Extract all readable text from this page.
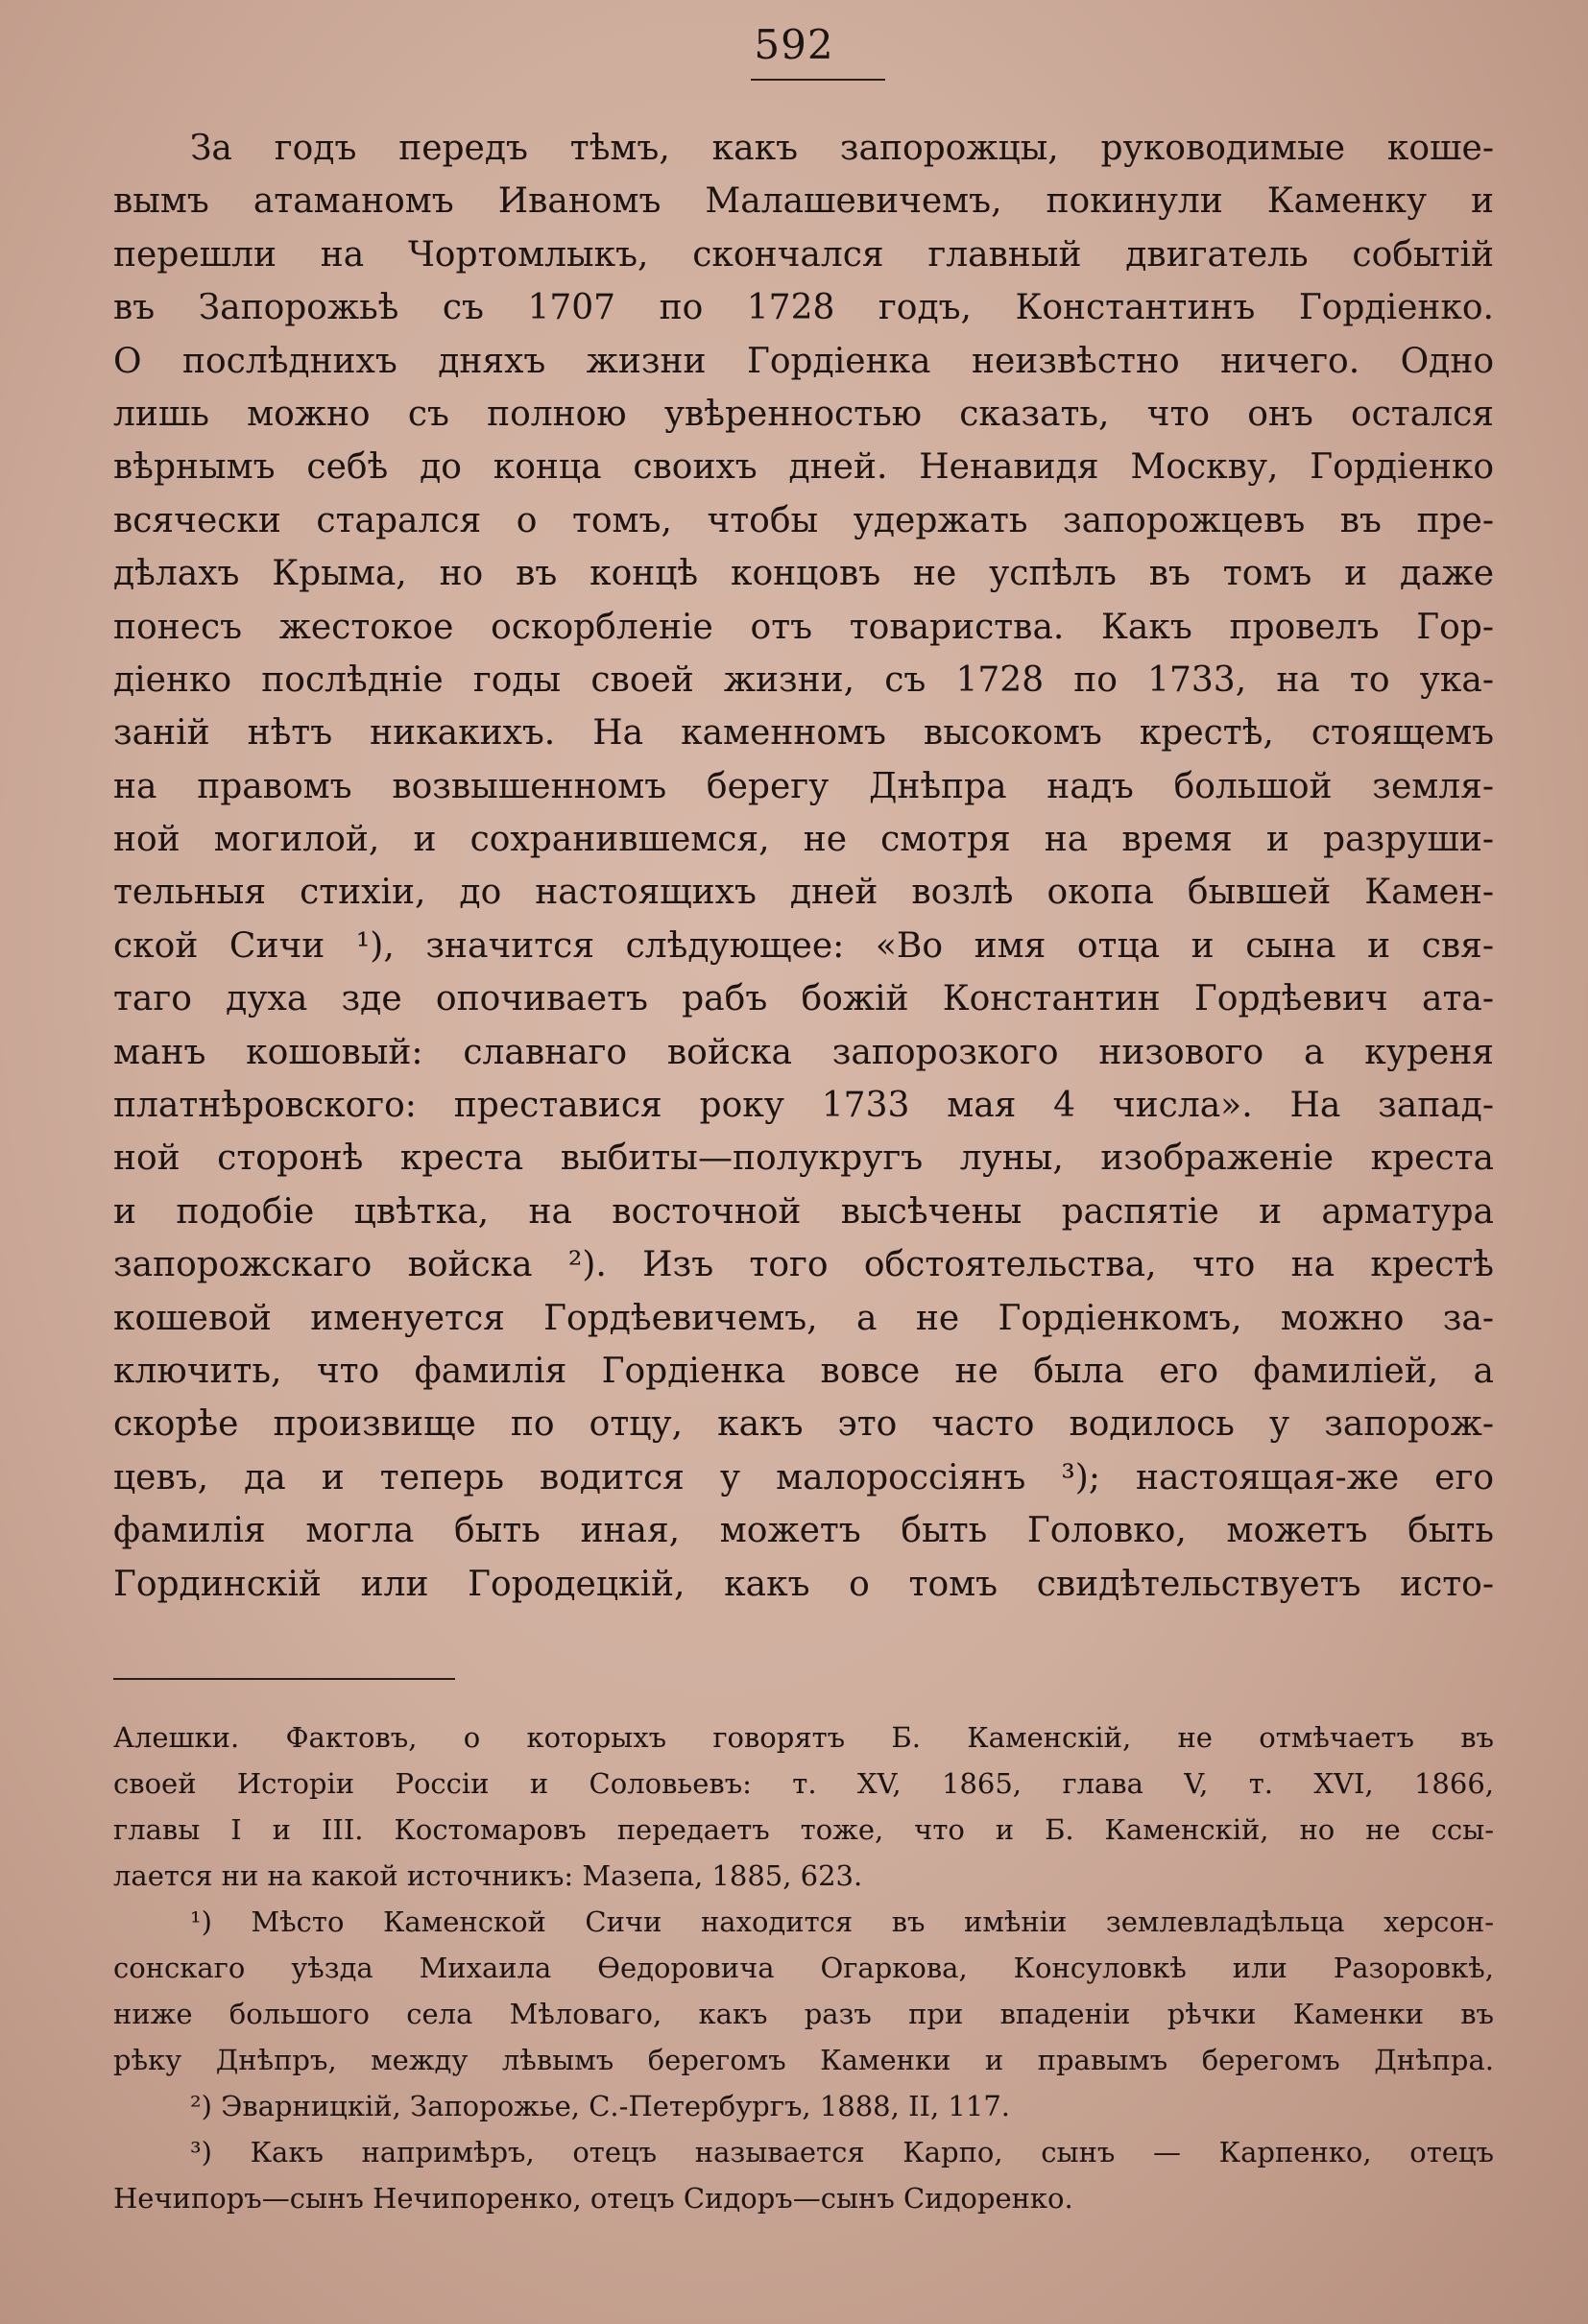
592
За годъ передъ тѣмъ, какъ запорожцы, руководимые коше-
вымъ атаманомъ Иваномъ Малашевичемъ, покинули Каменку и
перешли на Чортомлыкъ, скончался главный двигатель событій
въ Запорожьѣ съ 1707 по 1728 годъ, Константинъ Гордіенко.
О послѣднихъ дняхъ жизни Гордіенка неизвѣстно ничего. Одно
лишь можно съ полною увѣренностью сказать, что онъ остался
вѣрнымъ себѣ до конца своихъ дней. Ненавидя Москву, Гордіенко
всячески старался о томъ, чтобы удержать запорожцевъ въ пре-
дѣлахъ Крыма, но въ концѣ концовъ не успѣлъ въ томъ и даже
понесъ жестокое оскорбленіе отъ товариства. Какъ провелъ Гор-
діенко послѣдніе годы своей жизни, съ 1728 по 1733, на то ука-
заній нѣтъ никакихъ. На каменномъ высокомъ крестѣ, стоящемъ
на правомъ возвышенномъ берегу Днѣпра надъ большой земля-
ной могилой, и сохранившемся, не смотря на время и разруши-
тельныя стихіи, до настоящихъ дней возлѣ окопа бывшей Камен-
ской Сичи ¹), значится слѣдующее: «Во имя отца и сына и свя-
таго духа зде опочиваетъ рабъ божій Константин Гордѣевич ата-
манъ кошовый: славнаго войска запорозкого низового а куреня
платнѣровского: преставися року 1733 мая 4 числа». На запад-
ной сторонѣ креста выбиты—полукругъ луны, изображеніе креста
и подобіе цвѣтка, на восточной высѣчены распятіе и арматура
запорожскаго войска ²). Изъ того обстоятельства, что на крестѣ
кошевой именуется Гордѣевичемъ, а не Гордіенкомъ, можно за-
ключить, что фамилія Гордіенка вовсе не была его фамиліей, а
скорѣе произвище по отцу, какъ это часто водилось у запорож-
цевъ, да и теперь водится у малороссіянъ ³); настоящая-же его
фамилія могла быть иная, можетъ быть Головко, можетъ быть
Гординскій или Городецкій, какъ о томъ свидѣтельствуетъ исто-
Алешки. Фактовъ, о которыхъ говорятъ Б. Каменскій, не отмѣчаетъ въ
своей Исторіи Россіи и Соловьевъ: т. XV, 1865, глава V, т. XVI, 1866,
главы I и III. Костомаровъ передаетъ тоже, что и Б. Каменскій, но не ссы-
лается ни на какой источникъ: Мазепа, 1885, 623.
¹) Мѣсто Каменской Сичи находится въ имѣніи землевладѣльца херсон-
сонскаго уѣзда Михаила Ѳедоровича Огаркова, Консуловкѣ или Разоровкѣ,
ниже большого села Мѣловаго, какъ разъ при впаденіи рѣчки Каменки въ
рѣку Днѣпръ, между лѣвымъ берегомъ Каменки и правымъ берегомъ Днѣпра.
²) Эварницкій, Запорожье, С.-Петербургъ, 1888, II, 117.
³) Какъ напримѣръ, отецъ называется Карпо, сынъ — Карпенко, отецъ
Нечипоръ—сынъ Нечипоренко, отецъ Сидоръ—сынъ Сидоренко.
